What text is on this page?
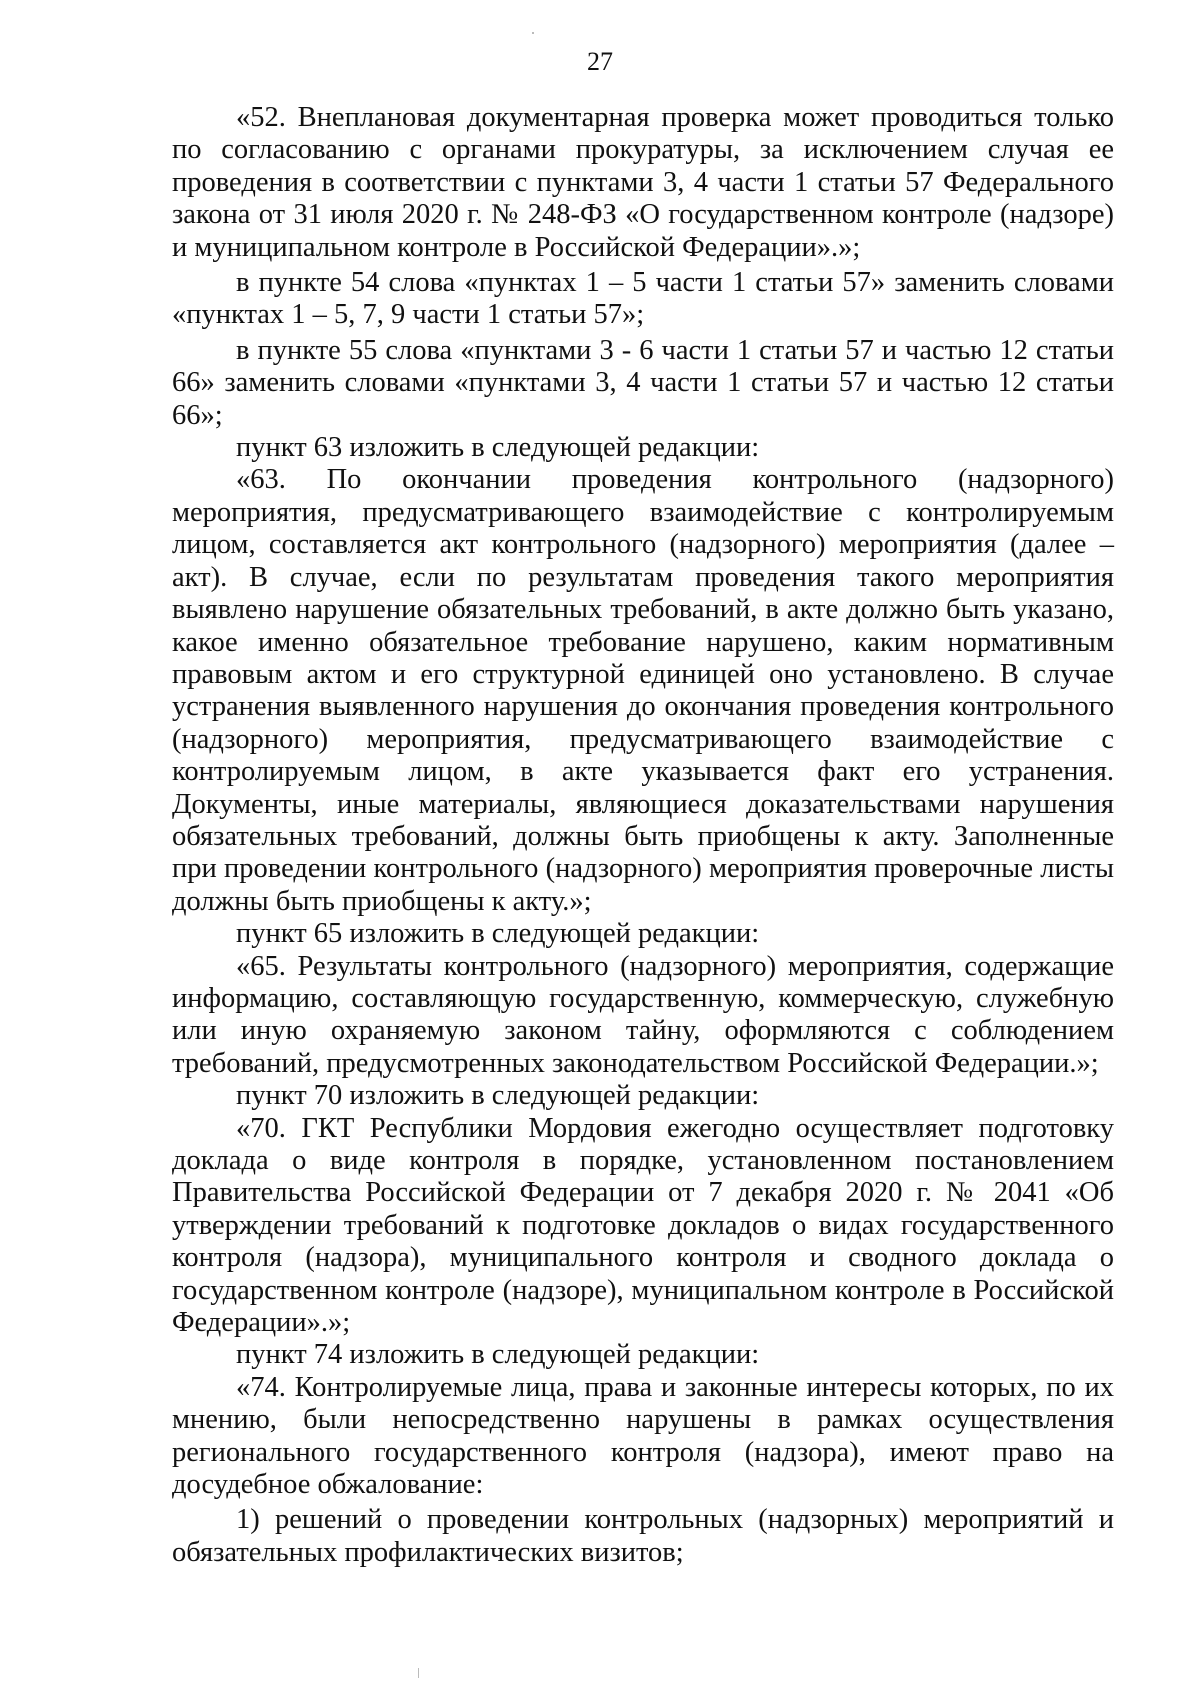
27

«52. Внеплановая документарная проверка может проводиться только по согласованию с органами прокуратуры, за исключением случая ее проведения в соответствии с пунктами 3, 4 части 1 статьи 57 Федерального закона от 31 июля 2020 г. № 248-ФЗ «О государственном контроле (надзоре) и муниципальном контроле в Российской Федерации».»;

в пункте 54 слова «пунктах 1 – 5 части 1 статьи 57» заменить словами «пунктах 1 – 5, 7, 9 части 1 статьи 57»;

в пункте 55 слова «пунктами 3 - 6 части 1 статьи 57 и частью 12 статьи 66» заменить словами «пунктами 3, 4 части 1 статьи 57 и частью 12 статьи 66»;

пункт 63 изложить в следующей редакции:

«63. По окончании проведения контрольного (надзорного) мероприятия, предусматривающего взаимодействие с контролируемым лицом, составляется акт контрольного (надзорного) мероприятия (далее – акт). В случае, если по результатам проведения такого мероприятия выявлено нарушение обязательных требований, в акте должно быть указано, какое именно обязательное требование нарушено, каким нормативным правовым актом и его структурной единицей оно установлено. В случае устранения выявленного нарушения до окончания проведения контрольного (надзорного) мероприятия, предусматривающего взаимодействие с контролируемым лицом, в акте указывается факт его устранения. Документы, иные материалы, являющиеся доказательствами нарушения обязательных требований, должны быть приобщены к акту. Заполненные при проведении контрольного (надзорного) мероприятия проверочные листы должны быть приобщены к акту.»;

пункт 65 изложить в следующей редакции:

«65. Результаты контрольного (надзорного) мероприятия, содержащие информацию, составляющую государственную, коммерческую, служебную или иную охраняемую законом тайну, оформляются с соблюдением требований, предусмотренных законодательством Российской Федерации.»;

пункт 70 изложить в следующей редакции:

«70. ГКТ Республики Мордовия ежегодно осуществляет подготовку доклада о виде контроля в порядке, установленном постановлением Правительства Российской Федерации от 7 декабря 2020 г. № 2041 «Об утверждении требований к подготовке докладов о видах государственного контроля (надзора), муниципального контроля и сводного доклада о государственном контроле (надзоре), муниципальном контроле в Российской Федерации».»;

пункт 74 изложить в следующей редакции:

«74. Контролируемые лица, права и законные интересы которых, по их мнению, были непосредственно нарушены в рамках осуществления регионального государственного контроля (надзора), имеют право на досудебное обжалование:

1) решений о проведении контрольных (надзорных) мероприятий и обязательных профилактических визитов;
